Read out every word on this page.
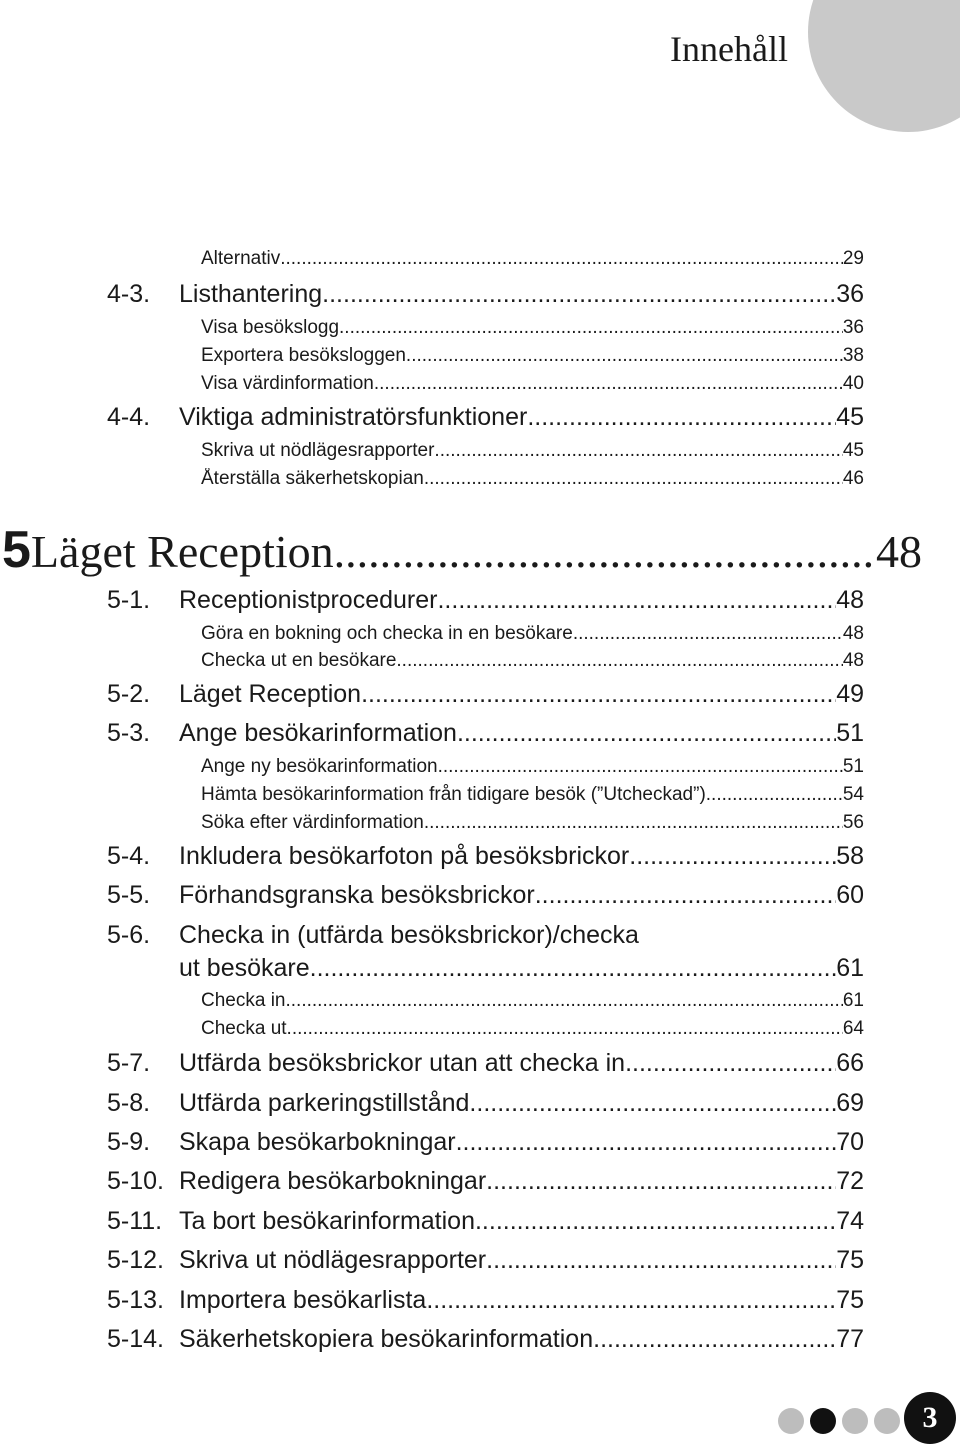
Innehåll
Alternativ .....	29
4-3.	Listhantering .....	36
Visa besökslogg .....	36
Exportera besöksloggen .....	38
Visa värdinformation .....	40
4-4.	Viktiga administratörsfunktioner .....	45
Skriva ut nödlägesrapporter .....	45
Återställa säkerhetskopian .....	46
5 Läget Reception .....	48
5-1.	Receptionistprocedurer .....	48
Göra en bokning och checka in en besökare .....	48
Checka ut en besökare .....	48
5-2.	Läget Reception .....	49
5-3.	Ange besökarinformation .....	51
Ange ny besökarinformation .....	51
Hämta besökarinformation från tidigare besök (”Utcheckad”) .....	54
Söka efter värdinformation .....	56
5-4.	Inkludera besökarfoton på besöksbrickor .....	58
5-5.	Förhandsgranska besöksbrickor .....	60
5-6.	Checka in (utfärda besöksbrickor)/checka
ut besökare .....	61
Checka in .....	61
Checka ut .....	64
5-7.	Utfärda besöksbrickor utan att checka in .....	66
5-8.	Utfärda parkeringstillstånd .....	69
5-9.	Skapa besökarbokningar .....	70
5-10. Redigera besökarbokningar .....	72
5-11. Ta bort besökarinformation .....	74
5-12. Skriva ut nödlägesrapporter .....	75
5-13. Importera besökarlista .....	75
5-14. Säkerhetskopiera besökarinformation .....	77
3
